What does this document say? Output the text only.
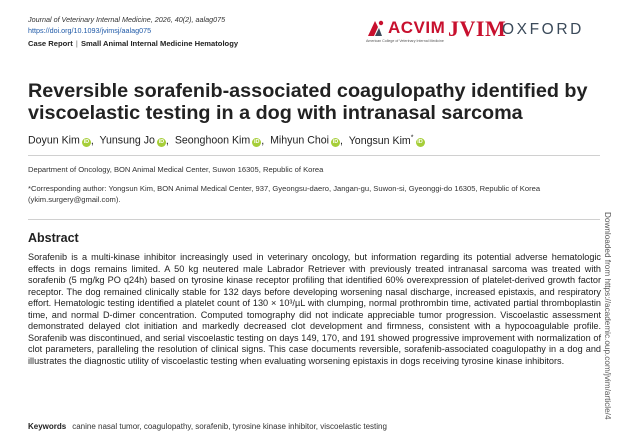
Journal of Veterinary Internal Medicine, 2026, 40(2), aalag075
https://doi.org/10.1093/jvimsj/aalag075
Case Report | Small Animal Internal Medicine Hematology
ACVIM
American College of Veterinary Internal Medicine JVIM
OXFORD
Reversible sorafenib-associated coagulopathy identified by viscoelastic testing in a dog with intranasal sarcoma
Doyun Kim iD , Yunsung Jo iD , Seonghoon Kim iD , Mihyun Choi iD , Yongsun Kim*iD
Department of Oncology, BON Animal Medical Center, Suwon 16305, Republic of Korea
*Corresponding author: Yongsun Kim, BON Animal Medical Center, 937, Gyeongsu-daero, Jangan-gu, Suwon-si, Gyeonggi-do 16305, Republic of Korea (ykim.surgery@gmail.com).
Abstract

Sorafenib is a multi-kinase inhibitor increasingly used in veterinary oncology, but information regarding its potential adverse hematologic effects in dogs remains limited. A 50 kg neutered male Labrador Retriever with previously treated intranasal sarcoma was treated with sorafenib (5 mg/kg PO q24h) based on tyrosine kinase receptor profiling that identified 60% overexpression of platelet-derived growth factor receptor. The dog remained clinically stable for 132 days before developing worsening nasal discharge, increased epistaxis, and respiratory effort. Hematologic testing identified a platelet count of 130 × 10³/µL with clumping, normal prothrombin time, activated partial thromboplastin time, and normal D-dimer concentration. Computed tomography did not indicate appreciable tumor progression. Viscoelastic assessment demonstrated delayed clot initiation and markedly decreased clot development and firmness, consistent with a hypocoagulable profile. Sorafenib was discontinued, and serial viscoelastic testing on days 149, 170, and 191 showed progressive improvement with normalization of clot parameters, paralleling the resolution of clinical signs. This case documents reversible, sorafenib-associated coagulopathy in a dog and illustrates the diagnostic utility of viscoelastic testing when evaluating worsening epistaxis in dogs receiving tyrosine kinase inhibitors.

Keywords canine nasal tumor, coagulopathy, sorafenib, tyrosine kinase inhibitor, viscoelastic testing
Downloaded from https://academic.oup.com/jvim/article/4
